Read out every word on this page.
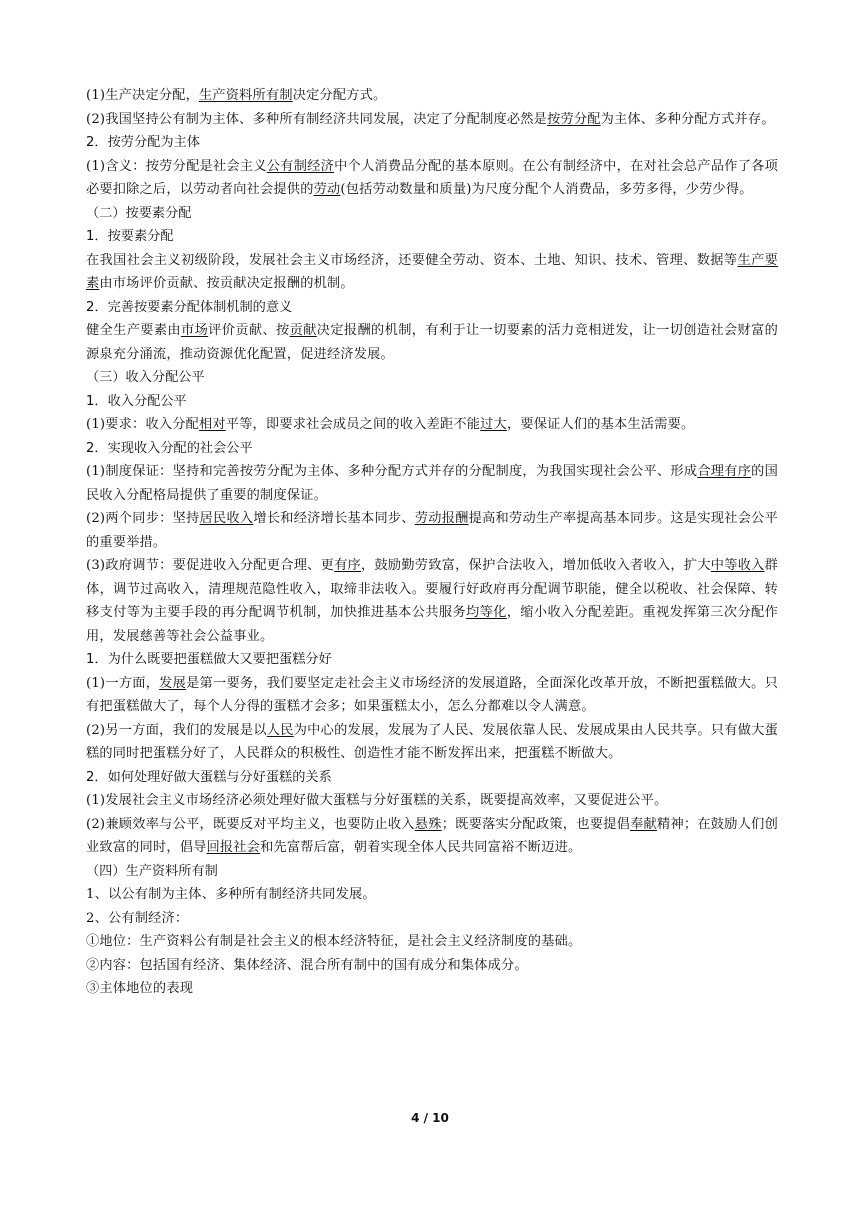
(1)生产决定分配，生产资料所有制决定分配方式。

(2)我国坚持公有制为主体、多种所有制经济共同发展，决定了分配制度必然是按劳分配为主体、多种分配方式并存。

2．按劳分配为主体

(1)含义：按劳分配是社会主义公有制经济中个人消费品分配的基本原则。在公有制经济中，在对社会总产品作了各项必要扣除之后，以劳动者向社会提供的劳动(包括劳动数量和质量)为尺度分配个人消费品，多劳多得，少劳少得。

（二）按要素分配

1．按要素分配

在我国社会主义初级阶段，发展社会主义市场经济，还要健全劳动、资本、土地、知识、技术、管理、数据等生产要素由市场评价贡献、按贡献决定报酬的机制。

2．完善按要素分配体制机制的意义

健全生产要素由市场评价贡献、按贡献决定报酬的机制，有利于让一切要素的活力竞相迸发，让一切创造社会财富的源泉充分涌流，推动资源优化配置，促进经济发展。

（三）收入分配公平

1．收入分配公平

(1)要求：收入分配相对平等，即要求社会成员之间的收入差距不能过大，要保证人们的基本生活需要。

2．实现收入分配的社会公平

(1)制度保证：坚持和完善按劳分配为主体、多种分配方式并存的分配制度，为我国实现社会公平、形成合理有序的国民收入分配格局提供了重要的制度保证。

(2)两个同步：坚持居民收入增长和经济增长基本同步、劳动报酬提高和劳动生产率提高基本同步。这是实现社会公平的重要举措。

(3)政府调节：要促进收入分配更合理、更有序，鼓励勤劳致富，保护合法收入，增加低收入者收入，扩大中等收入群体，调节过高收入，清理规范隐性收入，取缔非法收入。要履行好政府再分配调节职能，健全以税收、社会保障、转移支付等为主要手段的再分配调节机制，加快推进基本公共服务均等化，缩小收入分配差距。重视发挥第三次分配作用，发展慈善等社会公益事业。

1．为什么既要把蛋糕做大又要把蛋糕分好

(1)一方面，发展是第一要务，我们要坚定走社会主义市场经济的发展道路，全面深化改革开放，不断把蛋糕做大。只有把蛋糕做大了，每个人分得的蛋糕才会多；如果蛋糕太小，怎么分都难以令人满意。

(2)另一方面，我们的发展是以人民为中心的发展，发展为了人民、发展依靠人民、发展成果由人民共享。只有做大蛋糕的同时把蛋糕分好了，人民群众的积极性、创造性才能不断发挥出来，把蛋糕不断做大。

2．如何处理好做大蛋糕与分好蛋糕的关系

(1)发展社会主义市场经济必须处理好做大蛋糕与分好蛋糕的关系，既要提高效率，又要促进公平。

(2)兼顾效率与公平，既要反对平均主义，也要防止收入悬殊；既要落实分配政策，也要提倡奉献精神；在鼓励人们创业致富的同时，倡导回报社会和先富帮后富，朝着实现全体人民共同富裕不断迈进。

（四）生产资料所有制

1、以公有制为主体、多种所有制经济共同发展。

2、公有制经济：

①地位：生产资料公有制是社会主义的根本经济特征，是社会主义经济制度的基础。

②内容：包括国有经济、集体经济、混合所有制中的国有成分和集体成分。

③主体地位的表现

4 / 10
